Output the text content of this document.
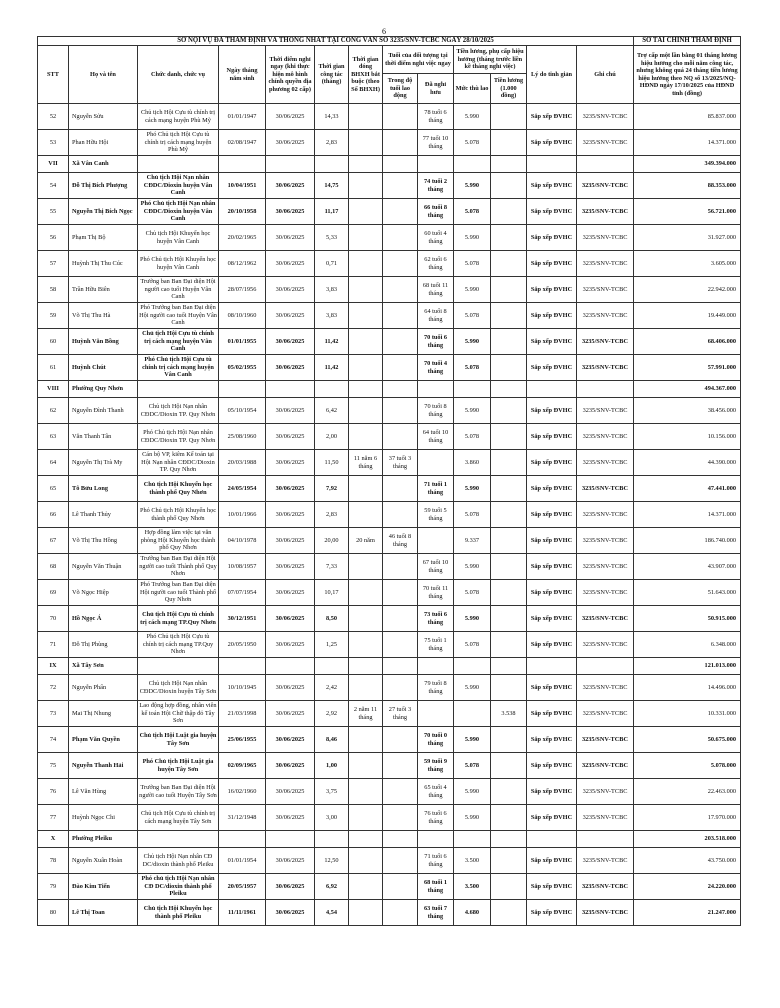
6
SỞ NỘI VỤ ĐÃ THẨM ĐỊNH VÀ THỐNG NHẤT TẠI CÔNG VĂN SỐ 3235/SNV-TCBC NGÀY 28/10/2025													SỞ TÀI CHÍNH THẨM ĐỊNH
STT	Họ và tên	Chức danh, chức vụ	Ngày tháng năm sinh	Thời điểm nghỉ ngay (khi thực hiện mô hình chính quyền địa phương 02 cấp)	Thời gian công tác (tháng)	Thời gian đóng BHXH bắt buộc (theo Sổ BHXH)	Tuổi của đối tượng tại thời điểm nghỉ việc ngay		Tiền lương, phụ cấp hiệu hưởng (tháng trước liền kề tháng nghỉ việc)		Lý do tinh giản	Ghi chú	Trợ cấp một lần bằng 01 tháng lương hiệu hưởng cho mỗi năm công tác, nhưng không quá 24 tháng tiền lương hiệu hưởng theo NQ số 13/2025/NQ-HĐND ngày 17/10/2025 của HĐND tỉnh (đồng)
							Trong độ tuổi lao động	Đã nghỉ hưu	Mức thù lao	Tiền lương (1.000 đồng)			
52	Nguyễn Sửu	Chủ tịch Hội Cựu tù chính trị cách mạng huyện Phù Mỹ	01/01/1947	30/06/2025	14,33			78 tuổi 6 tháng	5.990		Sắp xếp ĐVHC	3235/SNV-TCBC	85.837.000
53	Phan Hữu Hội	Phó Chủ tịch Hội Cựu tù chính trị cách mạng huyện Phù Mỹ	02/08/1947	30/06/2025	2,83			77 tuổi 10 tháng	5.078		Sắp xếp ĐVHC	3235/SNV-TCBC	14.371.000
VII	Xã Vân Canh												349.394.000
54	Đỗ Thị Bích Phượng	Chủ tịch Hội Nạn nhân CĐDC/Dioxin huyện Vân Canh	10/04/1951	30/06/2025	14,75			74 tuổi 2 tháng	5.990		Sắp xếp ĐVHC	3235/SNV-TCBC	88.353.000
55	Nguyễn Thị Bích Ngọc	Phó Chủ tịch Hội Nạn nhân CĐDC/Dioxin huyện Vân Canh	20/10/1958	30/06/2025	11,17			66 tuổi 8 tháng	5.078		Sắp xếp ĐVHC	3235/SNV-TCBC	56.721.000
56	Phạm Thị Bộ	Chủ tịch Hội Khuyến học huyện Vân Canh	20/02/1965	30/06/2025	5,33			60 tuổi 4 tháng	5.990		Sắp xếp ĐVHC	3235/SNV-TCBC	31.927.000
57	Huỳnh Thị Thu Cúc	Phó Chủ tịch Hội Khuyến học huyện Vân Canh	08/12/1962	30/06/2025	0,71			62 tuổi 6 tháng	5.078		Sắp xếp ĐVHC	3235/SNV-TCBC	3.605.000
58	Trần Hữu Biên	Trưởng ban Ban Đại diện Hội người cao tuổi Huyện Vân Canh	28/07/1956	30/06/2025	3,83			68 tuổi 11 tháng	5.990		Sắp xếp ĐVHC	3235/SNV-TCBC	22.942.000
59	Võ Thị Thu Hà	Phó Trưởng ban Ban Đại diện Hội người cao tuổi Huyện Vân Canh	08/10/1960	30/06/2025	3,83			64 tuổi 8 tháng	5.078		Sắp xếp ĐVHC	3235/SNV-TCBC	19.449.000
60	Huỳnh Văn Bồng	Chủ tịch Hội Cựu tù chính trị cách mạng huyện Vân Canh	01/01/1955	30/06/2025	11,42			70 tuổi 6 tháng	5.990		Sắp xếp ĐVHC	3235/SNV-TCBC	68.406.000
61	Huỳnh Chút	Phó Chủ tịch Hội Cựu tù chính trị cách mạng huyện Vân Canh	05/02/1955	30/06/2025	11,42			70 tuổi 4 tháng	5.078		Sắp xếp ĐVHC	3235/SNV-TCBC	57.991.000
VIII	Phường Quy Nhơn												494.367.000
62	Nguyễn Đình Thanh	Chủ tịch Hội Nạn nhân CĐDC/Dioxin TP. Quy Nhơn	05/10/1954	30/06/2025	6,42			70 tuổi 8 tháng	5.990		Sắp xếp ĐVHC	3235/SNV-TCBC	38.456.000
63	Văn Thanh Tân	Phó Chủ tịch Hội Nạn nhân CĐDC/Dioxin TP. Quy Nhơn	25/08/1960	30/06/2025	2,00			64 tuổi 10 tháng	5.078		Sắp xếp ĐVHC	3235/SNV-TCBC	10.156.000
64	Nguyễn Thị Trà My	Cán bộ VP, kiêm Kế toán tại Hội Nạn nhân CĐDC/Dioxin TP. Quy Nhơn	20/03/1988	30/06/2025	11,50	11 năm 6 tháng	37 tuổi 3 tháng		3.860		Sắp xếp ĐVHC	3235/SNV-TCBC	44.390.000
65	Tô Bửu Long	Chủ tịch Hội Khuyến học thành phố Quy Nhơn	24/05/1954	30/06/2025	7,92			71 tuổi 1 tháng	5.990		Sắp xếp ĐVHC	3235/SNV-TCBC	47.441.000
66	Lê Thanh Thủy	Phó Chủ tịch Hội Khuyến học thành phố Quy Nhơn	10/01/1966	30/06/2025	2,83			59 tuổi 5 tháng	5.078		Sắp xếp ĐVHC	3235/SNV-TCBC	14.371.000
67	Võ Thị Thu Hồng	Hợp đồng làm việc tại văn phòng Hội Khuyến học thành phố Quy Nhơn	04/10/1978	30/06/2025	20,00	20 năm	46 tuổi 8 tháng		9.337		Sắp xếp ĐVHC	3235/SNV-TCBC	186.740.000
68	Nguyễn Văn Thuận	Trưởng ban Ban Đại diện Hội người cao tuổi Thành phố Quy Nhơn	10/08/1957	30/06/2025	7,33			67 tuổi 10 tháng	5.990		Sắp xếp ĐVHC	3235/SNV-TCBC	43.907.000
69	Võ Ngọc Hiệp	Phó Trưởng ban Ban Đại diện Hội người cao tuổi Thành phố Quy Nhơn	07/07/1954	30/06/2025	10,17			70 tuổi 11 tháng	5.078		Sắp xếp ĐVHC	3235/SNV-TCBC	51.643.000
70	Hồ Ngọc Á	Chủ tịch Hội Cựu tù chính trị cách mạng TP.Quy Nhơn	30/12/1951	30/06/2025	8,50			73 tuổi 6 tháng	5.990		Sắp xếp ĐVHC	3235/SNV-TCBC	50.915.000
71	Đỗ Thị Phùng	Phó Chủ tịch Hội Cựu tù chính trị cách mạng TP.Quy Nhơn	20/05/1950	30/06/2025	1,25			75 tuổi 1 tháng	5.078		Sắp xếp ĐVHC	3235/SNV-TCBC	6.348.000
IX	Xã Tây Sơn												121.013.000
72	Nguyễn Phẩn	Chủ tịch Hội Nạn nhân CĐDC/Dioxin huyện Tây Sơn	10/10/1945	30/06/2025	2,42			79 tuổi 8 tháng	5.990		Sắp xếp ĐVHC	3235/SNV-TCBC	14.496.000
73	Mai Thị Nhung	Lao động hợp đồng, nhân viên kế toán Hội Chữ thập đỏ Tây Sơn	21/03/1998	30/06/2025	2,92	2 năm 11 tháng	27 tuổi 3 tháng			3.538	Sắp xếp ĐVHC	3235/SNV-TCBC	10.331.000
74	Phạm Văn Quyền	Chủ tịch Hội Luật gia huyện Tây Sơn	25/06/1955	30/06/2025	8,46			70 tuổi 0 tháng	5.990		Sắp xếp ĐVHC	3235/SNV-TCBC	50.675.000
75	Nguyễn Thanh Hải	Phó Chủ tịch Hội Luật gia huyện Tây Sơn	02/09/1965	30/06/2025	1,00			59 tuổi 9 tháng	5.078		Sắp xếp ĐVHC	3235/SNV-TCBC	5.078.000
76	Lê Văn Hùng	Trưởng ban Ban Đại diện Hội người cao tuổi Huyện Tây Sơn	16/02/1960	30/06/2025	3,75			65 tuổi 4 tháng	5.990		Sắp xếp ĐVHC	3235/SNV-TCBC	22.463.000
77	Huỳnh Ngọc Chi	Chủ tịch Hội Cựu tù chính trị cách mạng huyện Tây Sơn	31/12/1948	30/06/2025	3,00			76 tuổi 6 tháng	5.990		Sắp xếp ĐVHC	3235/SNV-TCBC	17.970.000
X	Phường Pleiku												203.518.000
78	Nguyễn Xuân Hoàn	Chủ tịch Hội Nạn nhân CĐ DC/dioxin thành phố Pleiku	01/01/1954	30/06/2025	12,50			71 tuổi 6 tháng	3.500		Sắp xếp ĐVHC	3235/SNV-TCBC	43.750.000
79	Đào Kim Tiến	Phó chủ tịch Hội Nạn nhân CĐ DC/dioxin thành phố Pleiku	20/05/1957	30/06/2025	6,92			68 tuổi 1 tháng	3.500		Sắp xếp ĐVHC	3235/SNV-TCBC	24.220.000
80	Lê Thị Toan	Chủ tịch Hội Khuyến học thành phố Pleiku	11/11/1961	30/06/2025	4,54			63 tuổi 7 tháng	4.680		Sắp xếp ĐVHC	3235/SNV-TCBC	21.247.000
